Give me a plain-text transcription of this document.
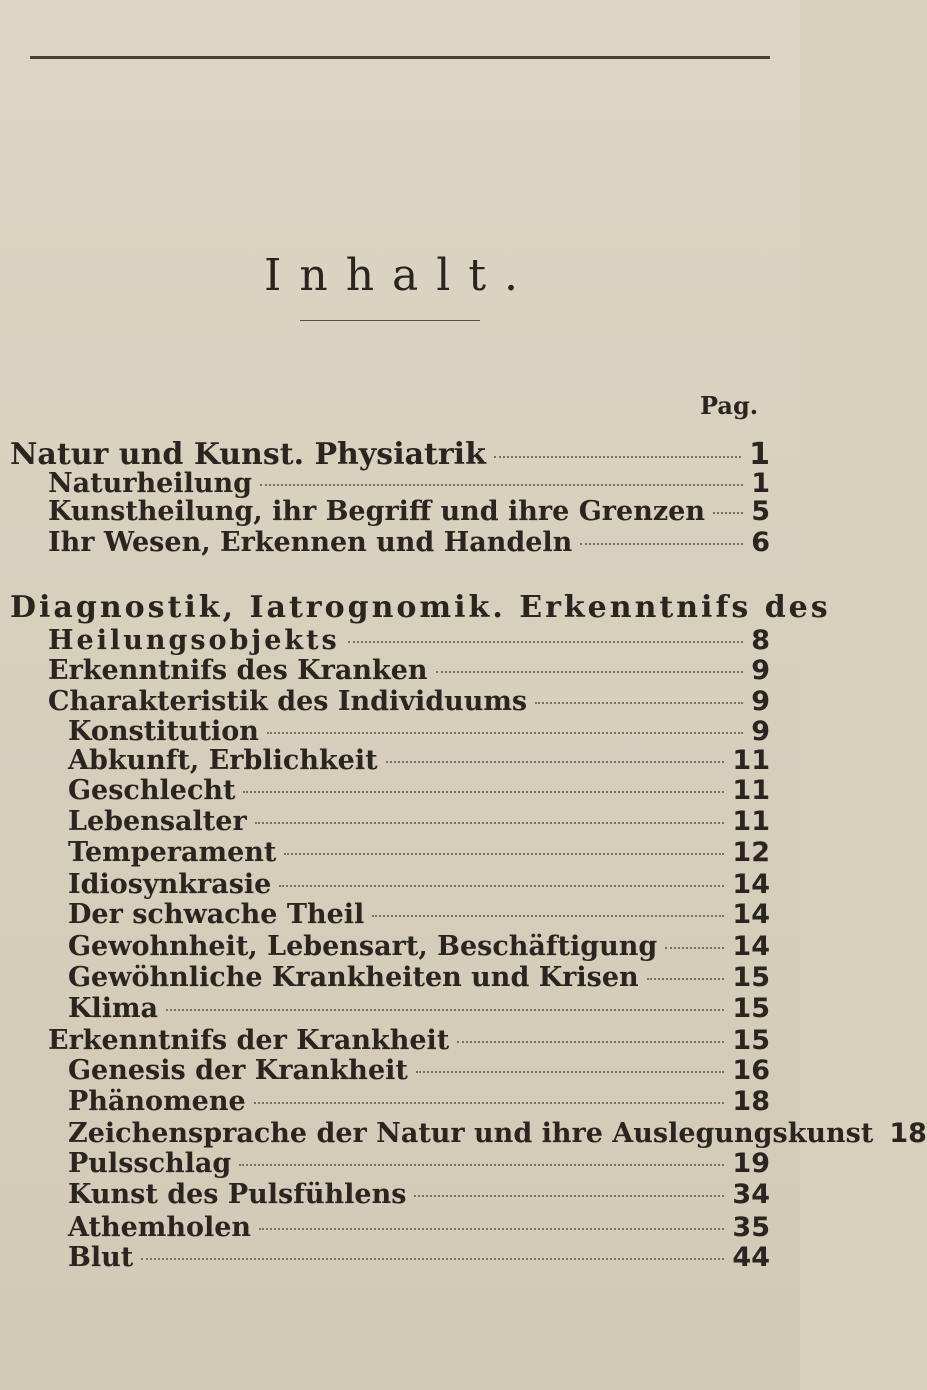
Inhalt.
Pag.
Natur und Kunst. Physiatrik	1
Naturheilung	1
Kunstheilung, ihr Begriff und ihre Grenzen 5
Ihr Wesen, Erkennen und Handeln	6
Diagnostik, Iatrognomik. Erkenntnifs des
Heilungsobjekts	8
Erkenntnifs des Kranken	9
Charakteristik des Individuums	9
Konstitution	9
Abkunft, Erblichkeit	11
Geschlecht	11
Lebensalter	11
Temperament	12
Idiosynkrasie	14
Der schwache Theil	14
Gewohnheit, Lebensart, Beschäftigung	14
Gewöhnliche Krankheiten und Krisen	15
Klima	15
Erkenntnifs der Krankheit	15
Genesis der Krankheit	16
Phänomene	18
Zeichensprache der Natur und ihre Auslegungskunst 18
Pulsschlag	19
Kunst des Pulsfühlens	34
Athemholen	35
Blut	44
